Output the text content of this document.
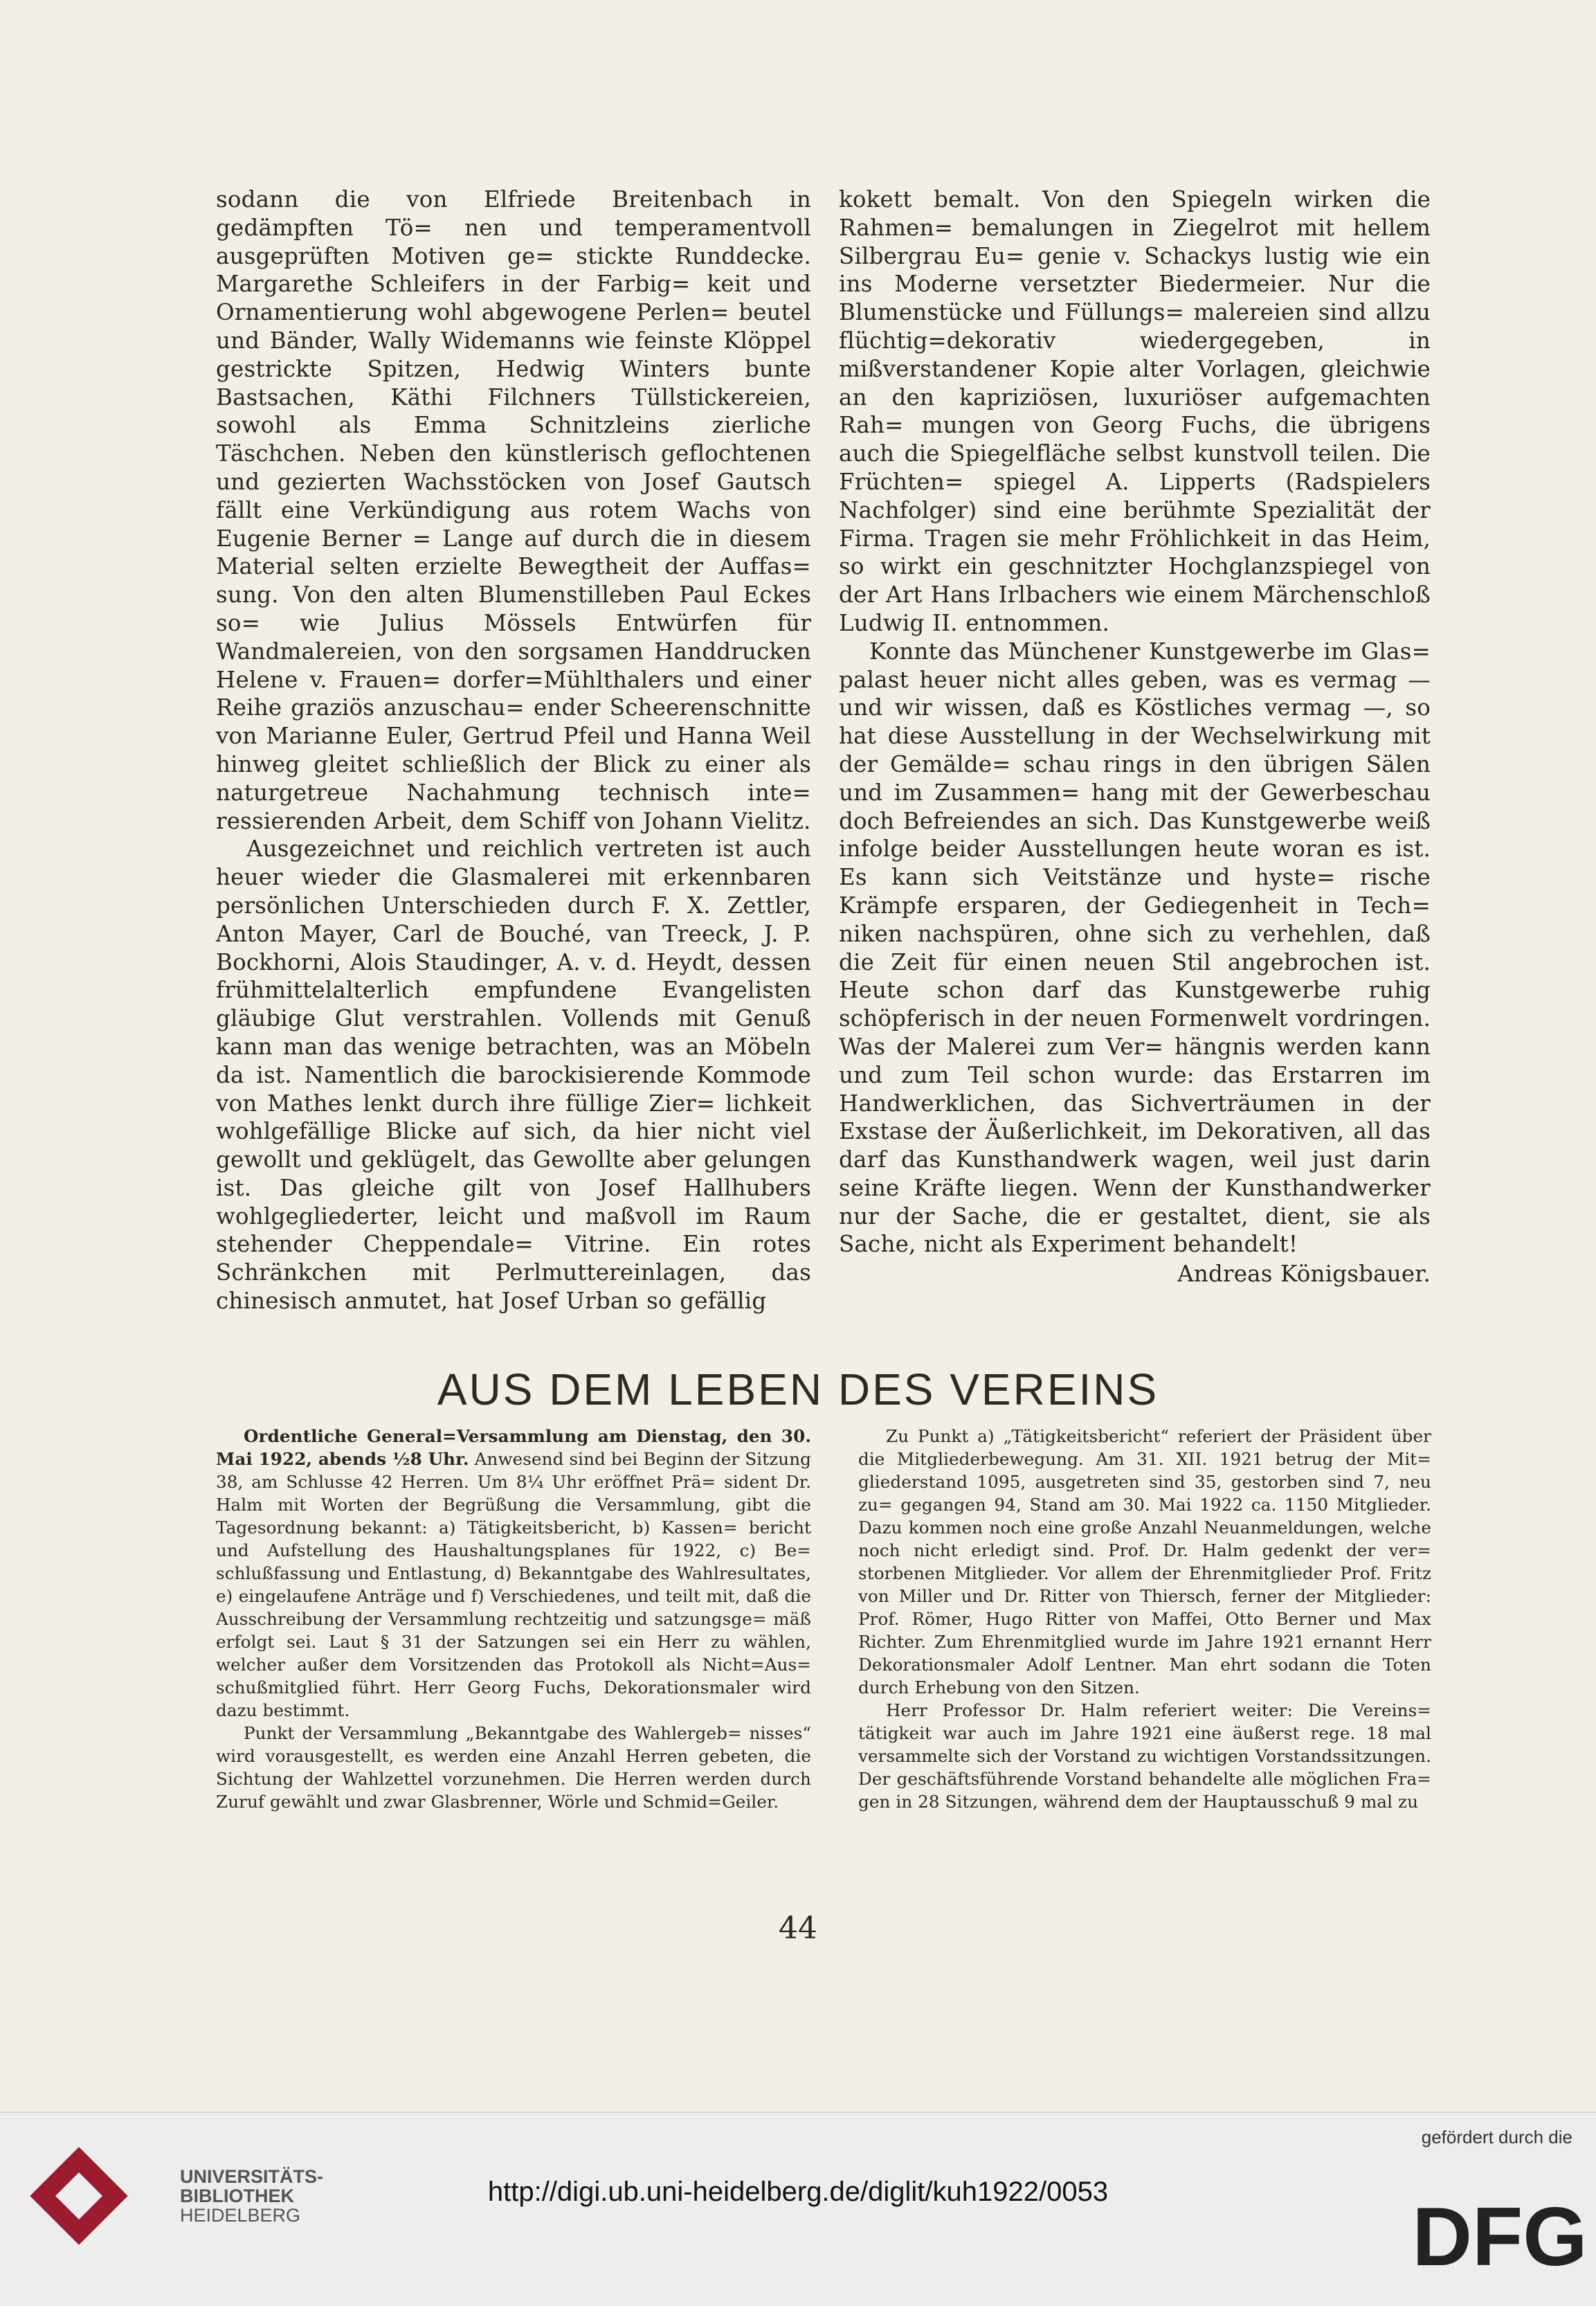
sodann die von Elfriede Breitenbach in gedämpften Tö= nen und temperamentvoll ausgeprüften Motiven ge= stickte Runddecke. Margarethe Schleifers in der Farbig= keit und Ornamentierung wohl abgewogene Perlen= beutel und Bänder, Wally Widemanns wie feinste Klöppel gestrickte Spitzen, Hedwig Winters bunte Bastsachen, Käthi Filchners Tüllstickereien, sowohl als Emma Schnitzleins zierliche Täschchen. Neben den künstlerisch geflochtenen und gezierten Wachsstöcken von Josef Gautsch fällt eine Verkündigung aus rotem Wachs von Eugenie Berner = Lange auf durch die in diesem Material selten erzielte Bewegtheit der Auffas= sung. Von den alten Blumenstilleben Paul Eckes so= wie Julius Mössels Entwürfen für Wandmalereien, von den sorgsamen Handdrucken Helene v. Frauen= dorfer=Mühlthalers und einer Reihe graziös anzuschau= ender Scheerenschnitte von Marianne Euler, Gertrud Pfeil und Hanna Weil hinweg gleitet schließlich der Blick zu einer als naturgetreue Nachahmung technisch inte= ressierenden Arbeit, dem Schiff von Johann Vielitz.

Ausgezeichnet und reichlich vertreten ist auch heuer wieder die Glasmalerei mit erkennbaren persönlichen Unterschieden durch F. X. Zettler, Anton Mayer, Carl de Bouché, van Treeck, J. P. Bockhorni, Alois Staudinger, A. v. d. Heydt, dessen frühmittelalterlich empfundene Evangelisten gläubige Glut verstrahlen. Vollends mit Genuß kann man das wenige betrachten, was an Möbeln da ist. Namentlich die barockisierende Kommode von Mathes lenkt durch ihre füllige Zier= lichkeit wohlgefällige Blicke auf sich, da hier nicht viel gewollt und geklügelt, das Gewollte aber gelungen ist. Das gleiche gilt von Josef Hallhubers wohlgegliederter, leicht und maßvoll im Raum stehender Cheppendale= Vitrine. Ein rotes Schränkchen mit Perlmuttereinlagen, das chinesisch anmutet, hat Josef Urban so gefällig

kokett bemalt. Von den Spiegeln wirken die Rahmen= bemalungen in Ziegelrot mit hellem Silbergrau Eu= genie v. Schackys lustig wie ein ins Moderne versetzter Biedermeier. Nur die Blumenstücke und Füllungs= malereien sind allzu flüchtig=dekorativ wiedergegeben, in mißverstandener Kopie alter Vorlagen, gleichwie an den kapriziösen, luxuriöser aufgemachten Rah= mungen von Georg Fuchs, die übrigens auch die Spiegelfläche selbst kunstvoll teilen. Die Früchten= spiegel A. Lipperts (Radspielers Nachfolger) sind eine berühmte Spezialität der Firma. Tragen sie mehr Fröhlichkeit in das Heim, so wirkt ein geschnitzter Hochglanzspiegel von der Art Hans Irlbachers wie einem Märchenschloß Ludwig II. entnommen.

Konnte das Münchener Kunstgewerbe im Glas= palast heuer nicht alles geben, was es vermag — und wir wissen, daß es Köstliches vermag —, so hat diese Ausstellung in der Wechselwirkung mit der Gemälde= schau rings in den übrigen Sälen und im Zusammen= hang mit der Gewerbeschau doch Befreiendes an sich. Das Kunstgewerbe weiß infolge beider Ausstellungen heute woran es ist. Es kann sich Veitstänze und hyste= rische Krämpfe ersparen, der Gediegenheit in Tech= niken nachspüren, ohne sich zu verhehlen, daß die Zeit für einen neuen Stil angebrochen ist. Heute schon darf das Kunstgewerbe ruhig schöpferisch in der neuen Formenwelt vordringen. Was der Malerei zum Ver= hängnis werden kann und zum Teil schon wurde: das Erstarren im Handwerklichen, das Sichverträumen in der Exstase der Äußerlichkeit, im Dekorativen, all das darf das Kunsthandwerk wagen, weil just darin seine Kräfte liegen. Wenn der Kunsthandwerker nur der Sache, die er gestaltet, dient, sie als Sache, nicht als Experiment behandelt!

Andreas Königsbauer.

AUS DEM LEBEN DES VEREINS

Ordentliche General=Versammlung am Dienstag, den 30. Mai 1922, abends ½8 Uhr. Anwesend sind bei Beginn der Sitzung 38, am Schlusse 42 Herren. Um 8¼ Uhr eröffnet Prä= sident Dr. Halm mit Worten der Begrüßung die Versammlung, gibt die Tagesordnung bekannt: a) Tätigkeitsbericht, b) Kassen= bericht und Aufstellung des Haushaltungsplanes für 1922, c) Be= schlußfassung und Entlastung, d) Bekanntgabe des Wahlresultates, e) eingelaufene Anträge und f) Verschiedenes, und teilt mit, daß die Ausschreibung der Versammlung rechtzeitig und satzungsge= mäß erfolgt sei. Laut § 31 der Satzungen sei ein Herr zu wählen, welcher außer dem Vorsitzenden das Protokoll als Nicht=Aus= schußmitglied führt. Herr Georg Fuchs, Dekorationsmaler wird dazu bestimmt.

Punkt der Versammlung „Bekanntgabe des Wahlergeb= nisses“ wird vorausgestellt, es werden eine Anzahl Herren gebeten, die Sichtung der Wahlzettel vorzunehmen. Die Herren werden durch Zuruf gewählt und zwar Glasbrenner, Wörle und Schmid=Geiler.

Zu Punkt a) „Tätigkeitsbericht“ referiert der Präsident über die Mitgliederbewegung. Am 31. XII. 1921 betrug der Mit= gliederstand 1095, ausgetreten sind 35, gestorben sind 7, neu zu= gegangen 94, Stand am 30. Mai 1922 ca. 1150 Mitglieder. Dazu kommen noch eine große Anzahl Neuanmeldungen, welche noch nicht erledigt sind. Prof. Dr. Halm gedenkt der ver= storbenen Mitglieder. Vor allem der Ehrenmitglieder Prof. Fritz von Miller und Dr. Ritter von Thiersch, ferner der Mitglieder: Prof. Römer, Hugo Ritter von Maffei, Otto Berner und Max Richter. Zum Ehrenmitglied wurde im Jahre 1921 ernannt Herr Dekorationsmaler Adolf Lentner. Man ehrt sodann die Toten durch Erhebung von den Sitzen.

Herr Professor Dr. Halm referiert weiter: Die Vereins= tätigkeit war auch im Jahre 1921 eine äußerst rege. 18 mal versammelte sich der Vorstand zu wichtigen Vorstandssitzungen. Der geschäftsführende Vorstand behandelte alle möglichen Fra= gen in 28 Sitzungen, während dem der Hauptausschuß 9 mal zu

44
UNIVERSITÄTS-
BIBLIOTHEK
HEIDELBERG
http://digi.ub.uni-heidelberg.de/diglit/kuh1922/0053
gefördert durch die
DFG
